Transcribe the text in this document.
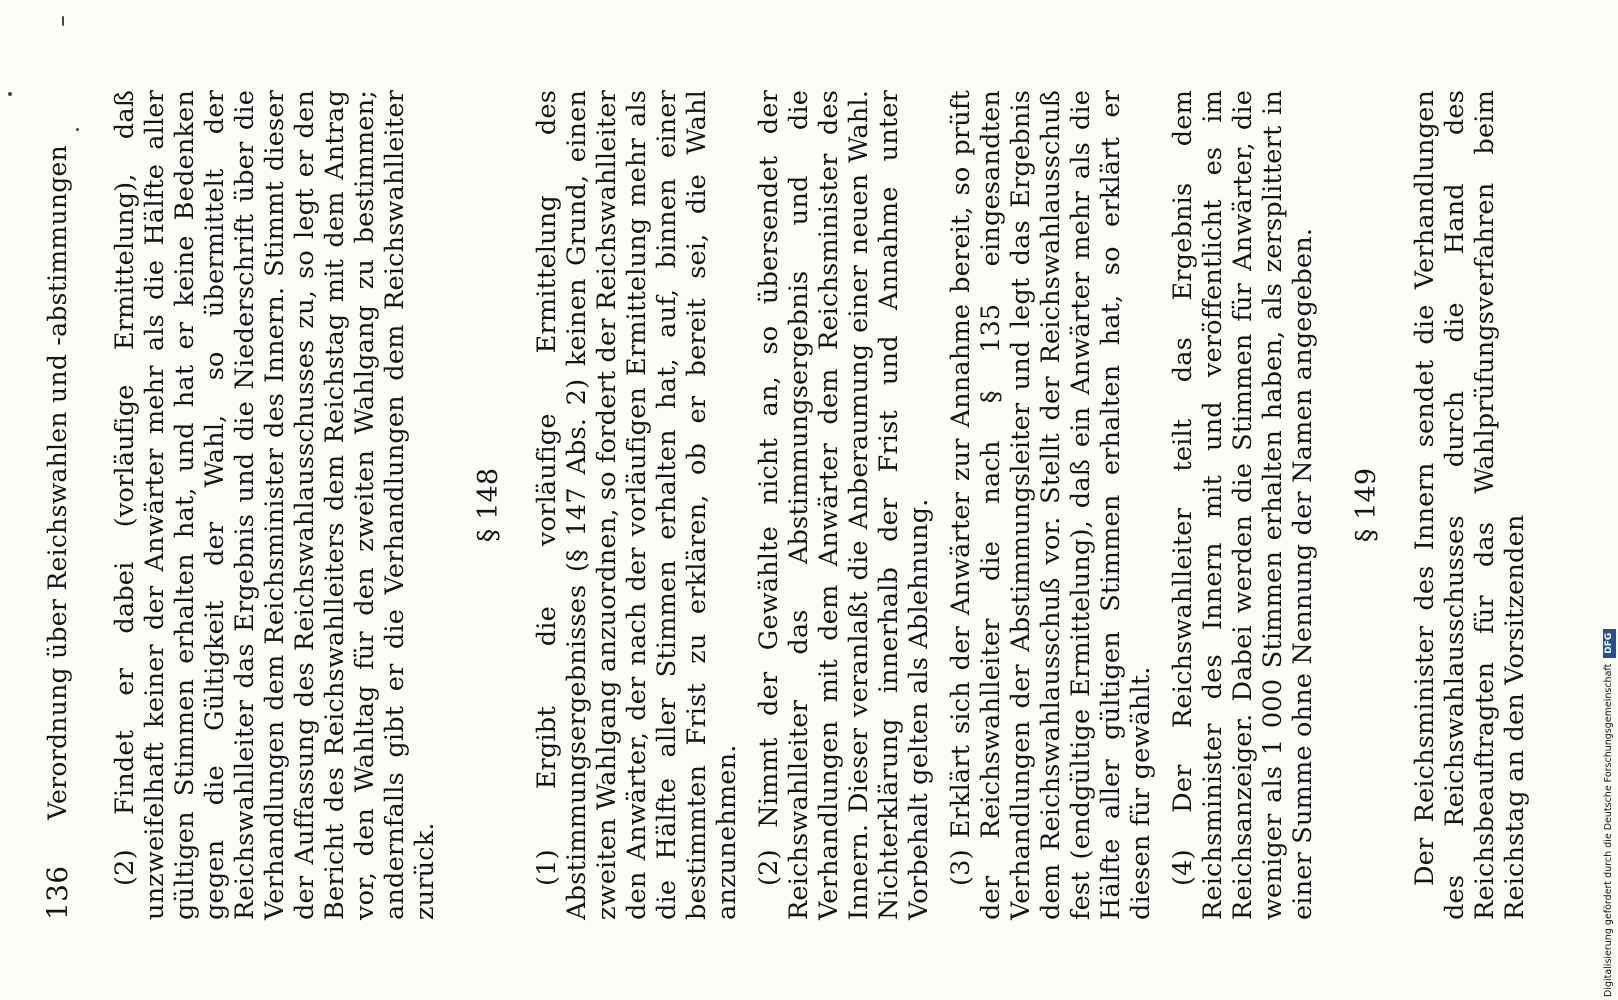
136
Verordnung über Reichswahlen und -abstimmungen	(2) Findet er dabei (vorläufige Ermittelung), daß unzweifelhaft keiner der Anwärter mehr als die Hälfte aller gültigen Stimmen erhalten hat, und hat er keine Bedenken gegen die Gültigkeit der Wahl, so übermittelt der Reichswahlleiter das Ergebnis und die Niederschrift über die Verhandlungen dem Reichsminister des Innern. Stimmt dieser der Auffassung des Reichswahlausschusses zu, so legt er den Bericht des Reichswahlleiters dem Reichstag mit dem Antrag vor, den Wahltag für den zweiten Wahlgang zu bestimmen; andernfalls gibt er die Verhandlungen dem Reichswahlleiter zurück.

§ 148 (1) Ergibt die vorläufige Ermittelung des Abstimmungsergebnisses (§ 147 Abs. 2) keinen Grund, einen zweiten Wahlgang anzuordnen, so fordert der Reichswahlleiter den Anwärter, der nach der vorläufigen Ermittelung mehr als die Hälfte aller Stimmen erhalten hat, auf, binnen einer bestimmten Frist zu erklären, ob er bereit sei, die Wahl anzunehmen. (2) Nimmt der Gewählte nicht an, so übersendet der Reichswahlleiter das Abstimmungsergebnis und die Verhandlungen mit dem Anwärter dem Reichsminister des Innern. Dieser veranlaßt die Anberaumung einer neuen Wahl. Nichterklärung innerhalb der Frist und Annahme unter Vorbehalt gelten als Ablehnung. (3) Erklärt sich der Anwärter zur Annahme bereit, so prüft der Reichswahlleiter die nach § 135 eingesandten Verhandlungen der Abstimmungsleiter und legt das Ergebnis dem Reichswahlausschuß vor. Stellt der Reichswahlausschuß fest (endgültige Ermittelung), daß ein Anwärter mehr als die Hälfte aller gültigen Stimmen erhalten hat, so erklärt er diesen für gewählt. (4) Der Reichswahlleiter teilt das Ergebnis dem Reichsminister des Innern mit und veröffentlicht es im Reichsanzeiger. Dabei werden die Stimmen für Anwärter, die weniger als 1 000 Stimmen erhalten haben, als zersplittert in einer Summe ohne Nennung der Namen angegeben. § 149 Der Reichsminister des Innern sendet die Verhandlungen des Reichswahlausschusses durch die Hand des Reichsbeauftragten für das Wahlprüfungsverfahren beim Reichstag an den Vorsitzenden	Digitalisierung gefördert durch die Deutsche ForschungsgemeinschaftDFG
